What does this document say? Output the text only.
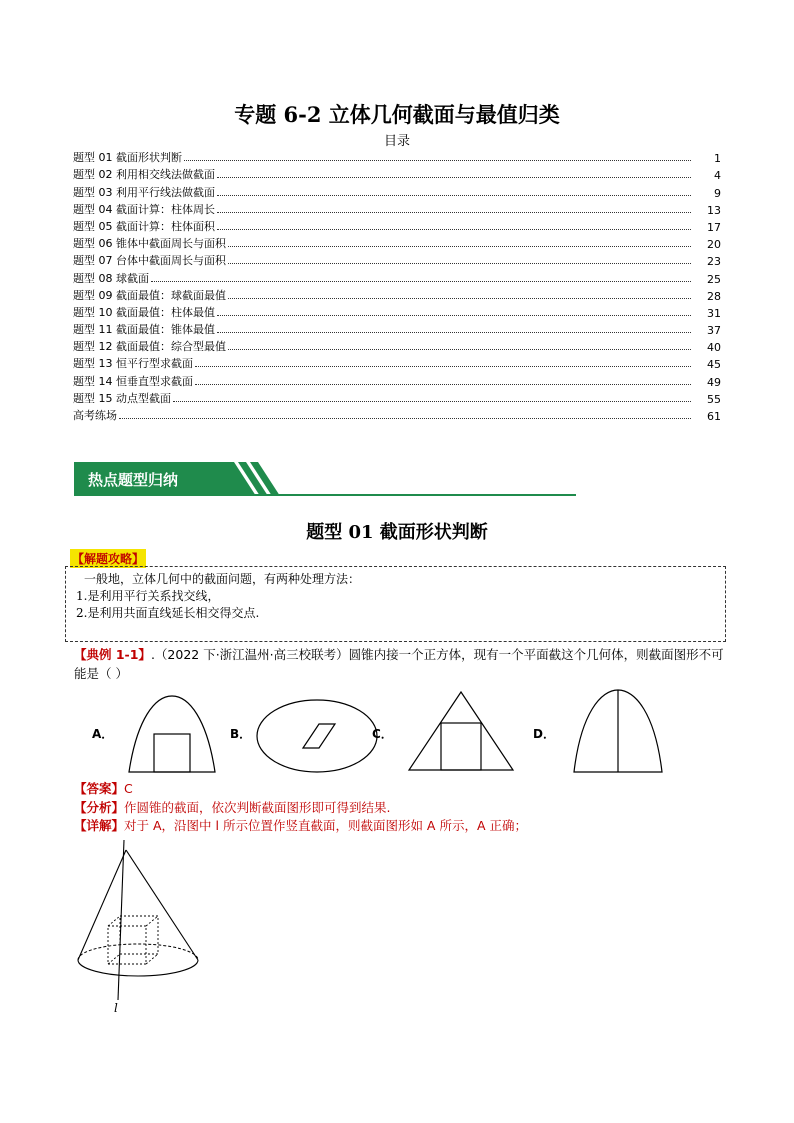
专题 6-2 立体几何截面与最值归类
目录
题型 01 截面形状判断	1
题型 02 利用相交线法做截面	4
题型 03 利用平行线法做截面	9
题型 04 截面计算：柱体周长	13
题型 05 截面计算：柱体面积	17
题型 06 锥体中截面周长与面积	20
题型 07 台体中截面周长与面积	23
题型 08 球截面	25
题型 09 截面最值：球截面最值	28
题型 10 截面最值：柱体最值	31
题型 11 截面最值：锥体最值	37
题型 12 截面最值：综合型最值	40
题型 13 恒平行型求截面	45
题型 14 恒垂直型求截面	49
题型 15 动点型截面	55
高考练场	61
热点题型归纳
题型 01 截面形状判断
【解题攻略】
一般地，立体几何中的截面问题，有两种处理方法：
1.是利用平行关系找交线，
2.是利用共面直线延长相交得交点.
【典例 1-1】.（2022 下·浙江温州·高三校联考）圆锥内接一个正方体，现有一个平面截这个几何体，则截面图形不可能是（ ）
A．	B．	C．	D．
【答案】C
【分析】作圆锥的截面，依次判断截面图形即可得到结果.
【详解】对于 A，沿图中 l 所示位置作竖直截面，则截面图形如 A 所示，A 正确；
l
